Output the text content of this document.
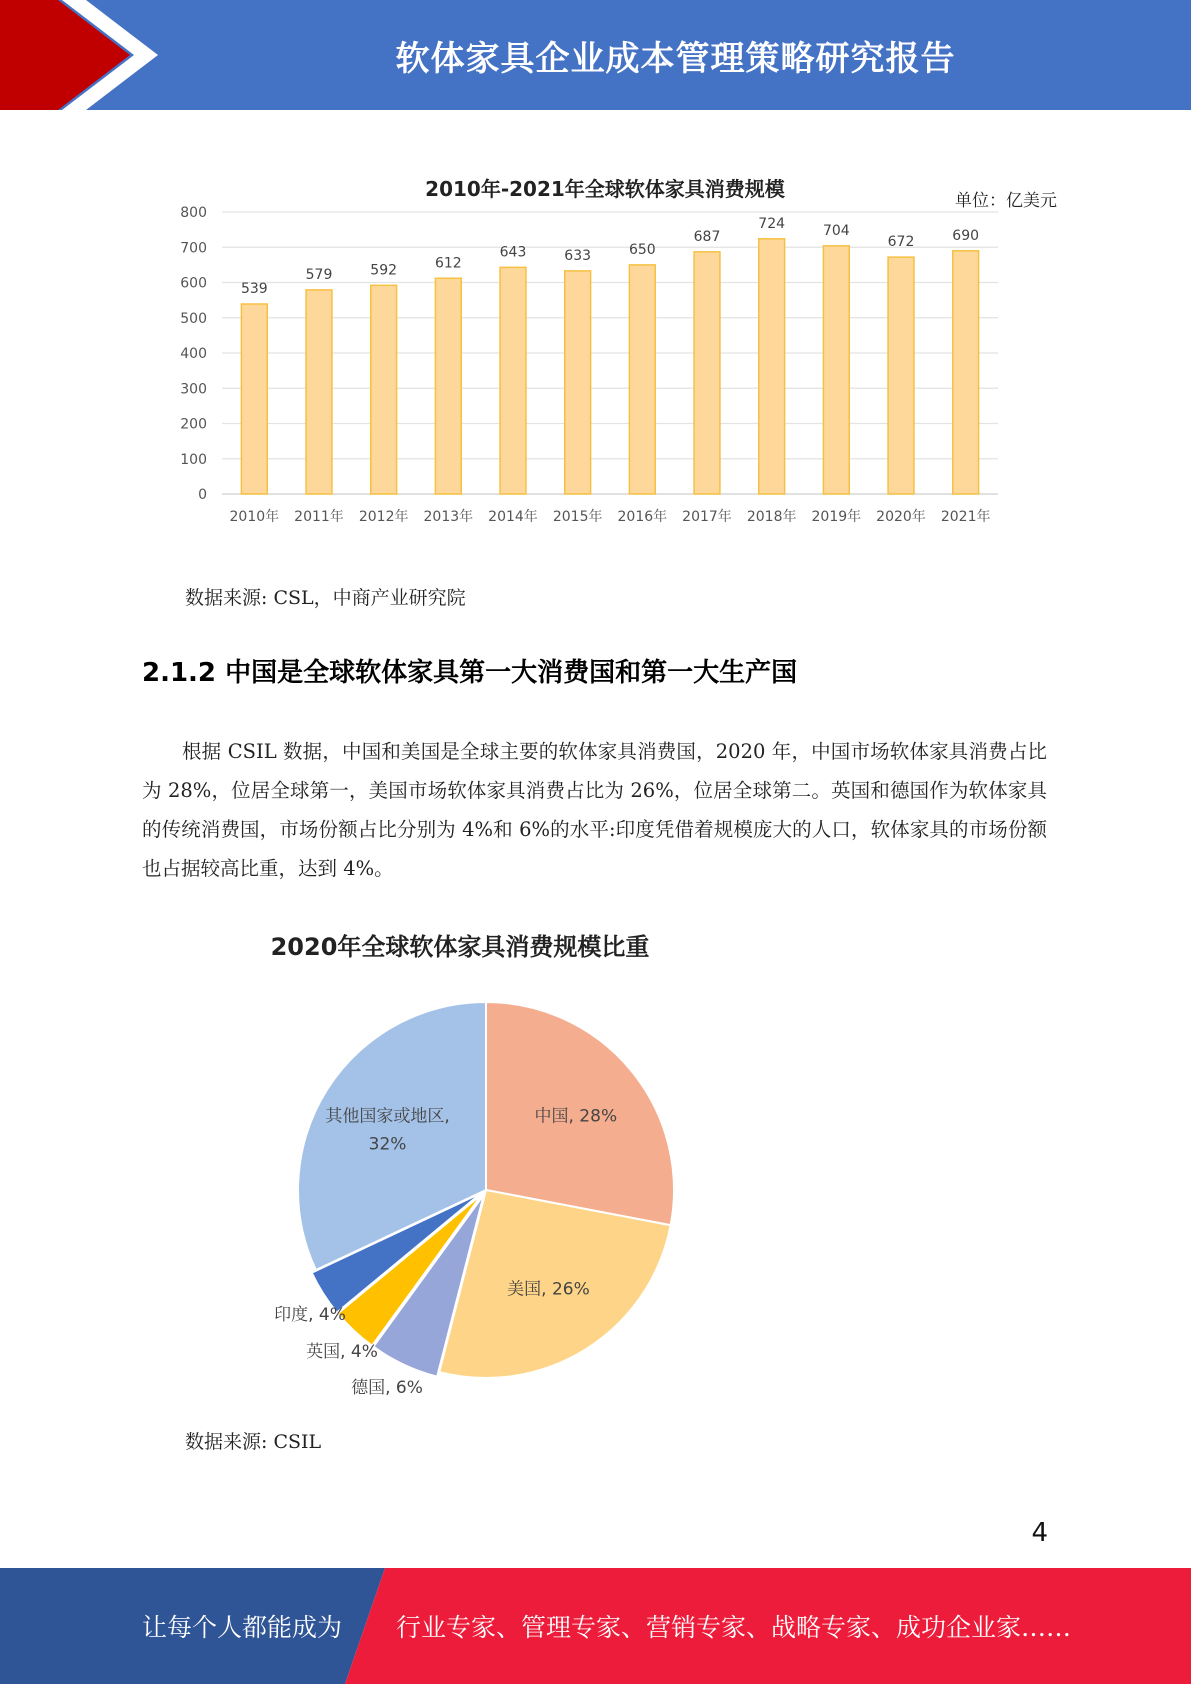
软体家具企业成本管理策略研究报告
2010年-2021年全球软体家具消费规模	单位：亿美元
0
100
200
300
400
500
600
700
800
539
579	592	612
643	633	650
687
724	704
672	690
2010年 2011年 2012年 2013年 2014年 2015年 2016年 2017年 2018年 2019年 2020年 2021年
数据来源: CSL，中商产业研究院
2.1.2 中国是全球软体家具第一大消费国和第一大生产国
根据 CSIL 数据，中国和美国是全球主要的软体家具消费国，2020 年，中国市场软体家具消费占比为 28%，位居全球第一，美国市场软体家具消费占比为 26%，位居全球第二。英国和德国作为软体家具的传统消费国，市场份额占比分别为 4%和 6%的水平:印度凭借着规模庞大的人口，软体家具的市场份额也占据较高比重，达到 4%。
2020年全球软体家具消费规模比重
中国, 28%
美国, 26%
德国, 6%
英国, 4%
印度, 4%
其他国家或地区,
32%
数据来源: CSIL
4
让每个人都能成为 行业专家、管理专家、营销专家、战略专家、成功企业家……
